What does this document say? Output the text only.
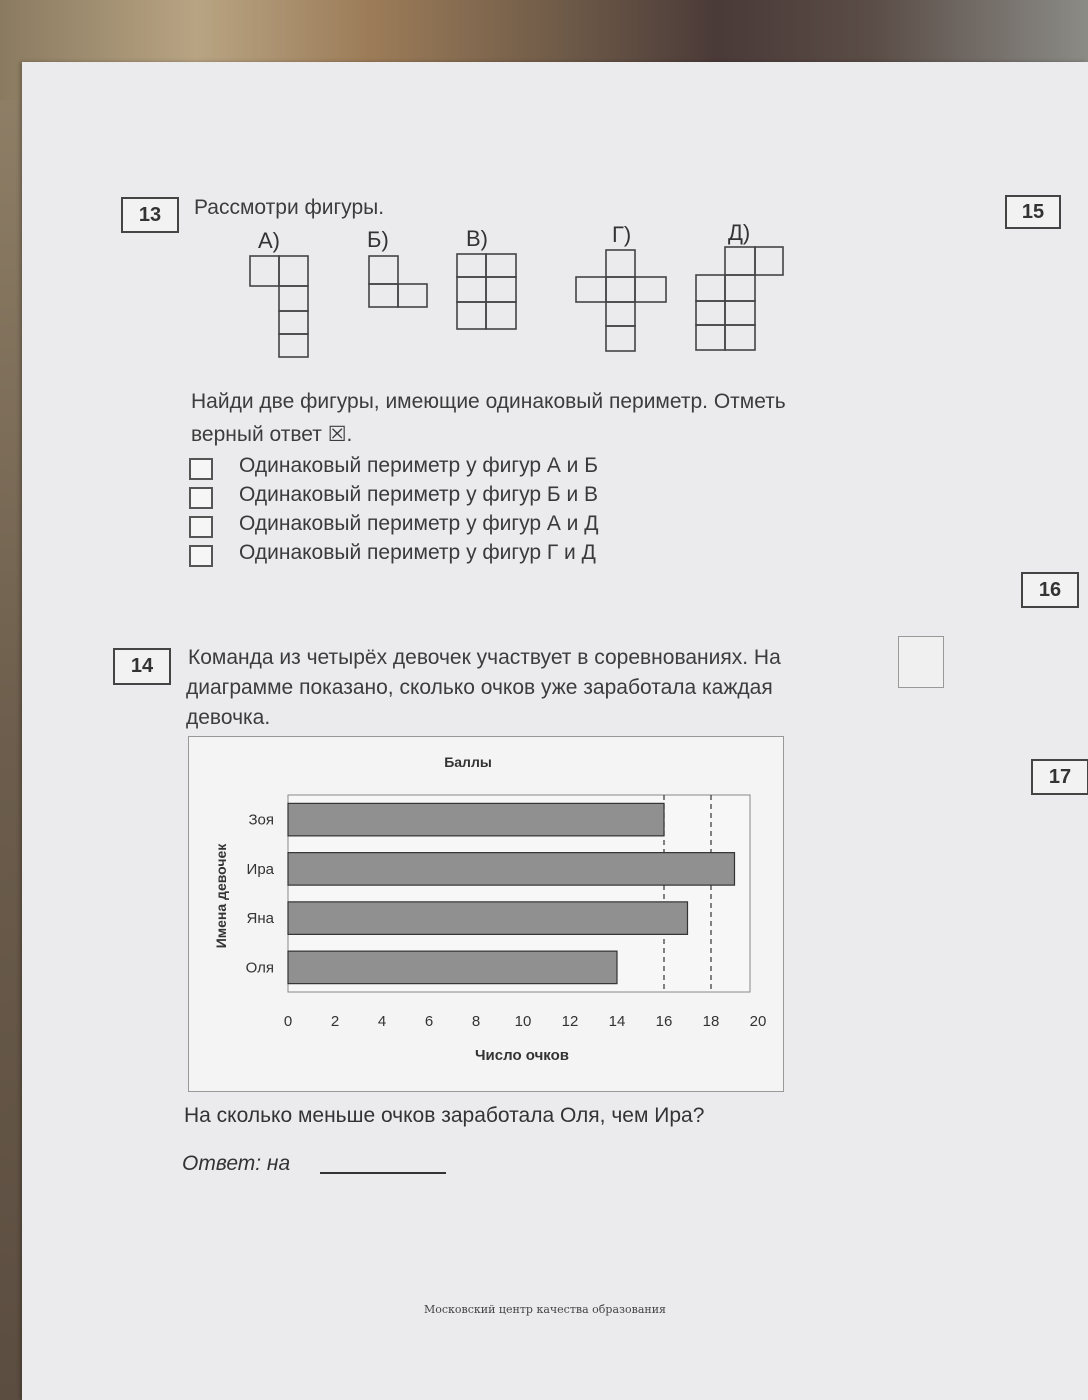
13	Рассмотри фигуры.
А)	Б)	В)	Г)	Д)
Найди две фигуры, имеющие одинаковый периметр. Отметь
верный ответ ☒.
Одинаковый периметр у фигур А и Б
Одинаковый периметр у фигур Б и В
Одинаковый периметр у фигур А и Д
Одинаковый периметр у фигур Г и Д
15
16
17
14	Команда из четырёх девочек участвует в соревнованиях. На
диаграмме показано, сколько очков уже заработала каждая
девочка.
Баллы
Число очков
Имена девочек
Зоя
Ира
Яна
Оля
0	2	4	6	8 10 12 14 16 18 20
На сколько меньше очков заработала Оля, чем Ира?
Ответ: на
Московский центр качества образования
